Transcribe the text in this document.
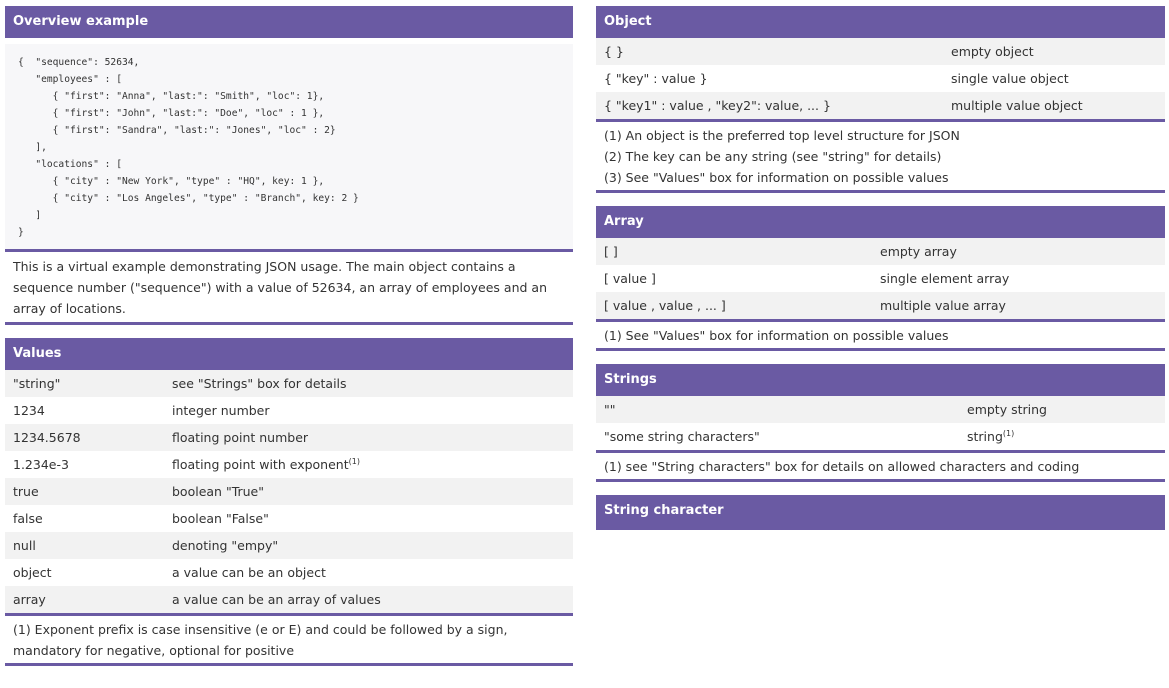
Overview example
{  "sequence": 52634,
"employees" : [
{ "first": "Anna", "last:": "Smith", "loc": 1},
{ "first": "John", "last:": "Doe", "loc" : 1 },
{ "first": "Sandra", "last:": "Jones", "loc" : 2}
],
"locations" : [
{ "city" : "New York", "type" : "HQ", key: 1 },
{ "city" : "Los Angeles", "type" : "Branch", key: 2 }
]
}
This is a virtual example demonstrating JSON usage. The main object contains a sequence number ("sequence") with a value of 52634, an array of employees and an array of locations.
Values
"string"	see "Strings" box for details
1234	integer number
1234.5678	floating point number
1.234e-3	floating point with exponent$^{(1)}$
true	boolean "True"
false	boolean "False"
null	denoting "empy"
object	a value can be an object
array	a value can be an array of values
(1) Exponent prefix is case insensitive (e or E) and could be followed by a sign, mandatory for negative, optional for positive
Object
{ }	empty object
{ "key" : value }	single value object
{ "key1" : value , "key2": value, ... }	multiple value object
(1) An object is the preferred top level structure for JSON
(2) The key can be any string (see "string" for details)
(3) See "Values" box for information on possible values
Array
[ ]	empty array
[ value ]	single element array
[ value , value , ... ]	multiple value array
(1) See "Values" box for information on possible values
Strings
""	empty string
"some string characters"	string$^{(1)}$
(1) see "String characters" box for details on allowed characters and coding
String character
